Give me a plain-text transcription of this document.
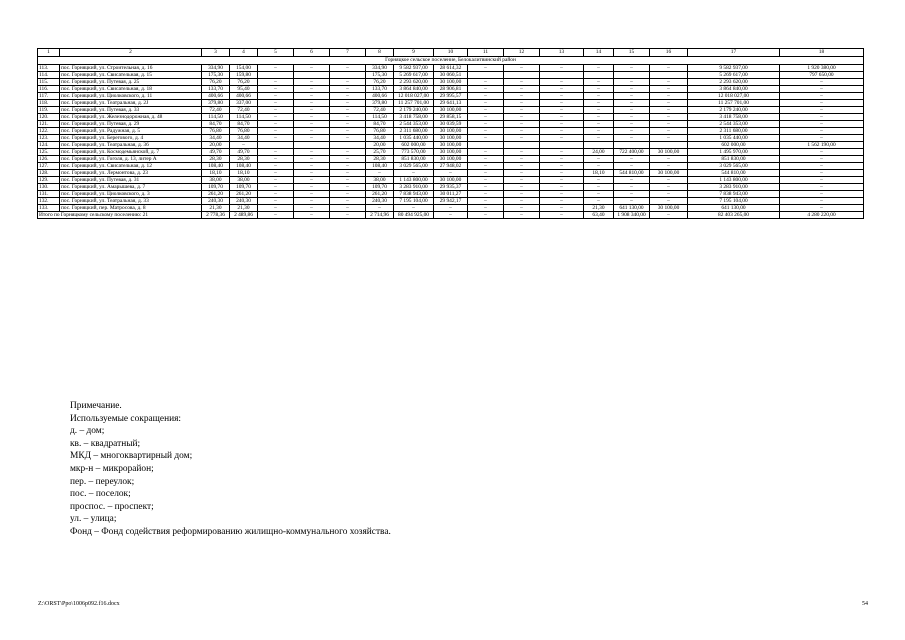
1	2	3	4	5	6	7	8	9	10	11	12	13	14	15	16	17	18
Горняцкое сельское поселение, Белокалитвинский район																	
113.	пос. Горняцкий, ул. Строительная, д. 16	334,90	154,00	–	–	–	334,90	9 582 937,00	28 614,32	–	–	–	–	–	–	9 582 937,00	1 920 380,00
114.	пос. Горняцкий, ул. Свисательная, д. 15	175,30	159,80				175,30	5 269 617,00	30 060,51							5 269 617,00	797 650,00
115.	пос. Горняцкий, ул. Путевая, д. 25	76,20	76,20	–	–	–	76,20	2 293 620,00	30 100,00	–	–	–	–	–	–	2 293 620,00	–
116.	пос. Горняцкий, ул. Свисательная, д. 18	133,70	95,40	–	–	–	133,70	3 864 840,00	28 906,81	–	–	–	–	–	–	3 864 840,00	–
117.	пос. Горняцкий, ул. Циолковского, д. 11	400,66	400,66	–	–	–	400,66	12 018 027,00	29 995,57	–	–	–	–	–	–	12 018 027,00	–
118.	пос. Горняцкий, ул. Театральная, д. 2J	379,80	337,00	–	–	–	379,80	11 257 701,00	29 641,13	–	–	–	–	–	–	11 257 701,00	–
119.	пос. Горняцкий, ул. Путевая, д. 33	72,40	72,40	–	–	–	72,40	2 179 240,00	30 100,00	–	–	–	–	–	–	2 179 240,00	–
120.	пос. Горняцкий, ул. Железнодорожная, д. 48	114,50	114,50	–	–	–	114,50	3 418 758,00	29 858,15	–	–	–	–	–	–	3 418 758,00	–
121.	пос. Горняцкий, ул. Путевая, д. 29	84,70	84,70	–	–	–	84,70	2 544 353,00	30 039,59	–	–	–	–	–	–	2 544 353,00	–
122.	пос. Горняцкий, ул. Радужная, д. 5	76,80	76,80	–	–	–	76,80	2 311 680,00	30 100,00	–	–	–	–	–	–	2 311 680,00	–
123.	пос. Горняцкий, ул. Берегового, д. 4	34,40	34,40	–	–	–	34,40	1 035 440,00	30 100,00	–	–	–	–	–	–	1 035 440,00	–
124.	пос. Горняцкий, ул. Театральная, д. 36	20,00	–				20,00	602 000,00	30 100,00							602 000,00	1 562 190,00
125.	пос. Горняцкий, ул. Космодемьянской, д. 7	49,70	49,70	–	–	–	25,70	773 570,00	30 100,00	–	–	–	24,00	722 400,00	30 100,00	1 495 970,00	–
126.	пос. Горняцкий, ул. Гоголя, д. 13, литер А	28,30	28,30	–	–	–	28,30	851 830,00	30 100,00	–	–	–	–	–	–	851 830,00	–
127.	пос. Горняцкий, ул. Свисательная, д. 12	108,40	108,40	–	–	–	108,40	3 029 565,00	27 948,02	–	–	–	–	–	–	3 029 565,00	–
128.	пос. Горняцкий, ул. Лермонтова, д. 23	18,10	18,10	–	–	–	–	–	–	–	–	–	18,10	544 810,00	30 100,00	544 810,00	–
129.	пос. Горняцкий, ул. Путевая, д. 31	38,00	38,00	–	–	–	38,00	1 143 800,00	30 100,00	–	–	–	–	–	–	1 143 800,00	–
130.	пос. Горняцкий, ул. Амарышева, д. 7	109,70	109,70	–	–	–	109,70	3 283 910,00	29 935,37	–	–	–	–	–	–	3 283 910,00	–
131.	пос. Горняцкий, ул. Циолковского, д. 3	261,20	261,20	–	–	–	261,20	7 838 943,00	30 011,27	–	–	–	–	–	–	7 838 943,00	–
132.	пос. Горняцкий, ул. Театральная, д. 33	240,30	240,30	–	–	–	240,30	7 195 104,00	29 942,17	–	–	–	–	–	–	7 195 104,00	–
133.	пос. Горняцкий, пер. Матросова, д. 8	21,30	21,30	–	–	–	–	–	–	–	–	–	21,30	641 130,00	30 100,00	641 130,00	–
Итого по Горняцкому сельскому поселению: 21		2 778,36	2 489,86	–	–	–	2 714,96	80 494 925,00	–	–	–	–	63,40	1 908 340,00	–	82 403 265,00	4 280 220,00
Примечание.
Используемые сокращения:
д. – дом;
кв. – квадратный;
МКД – многоквартирный дом;
мкр-н – микрорайон;
пер. – переулок;
пос. – поселок;
проспос. – проспект;
ул. – улица;
Фонд – Фонд содействия реформированию жилищно-коммунального хозяйства.
Z:\ORST\Ppo\1006p092.f16.docx	54
